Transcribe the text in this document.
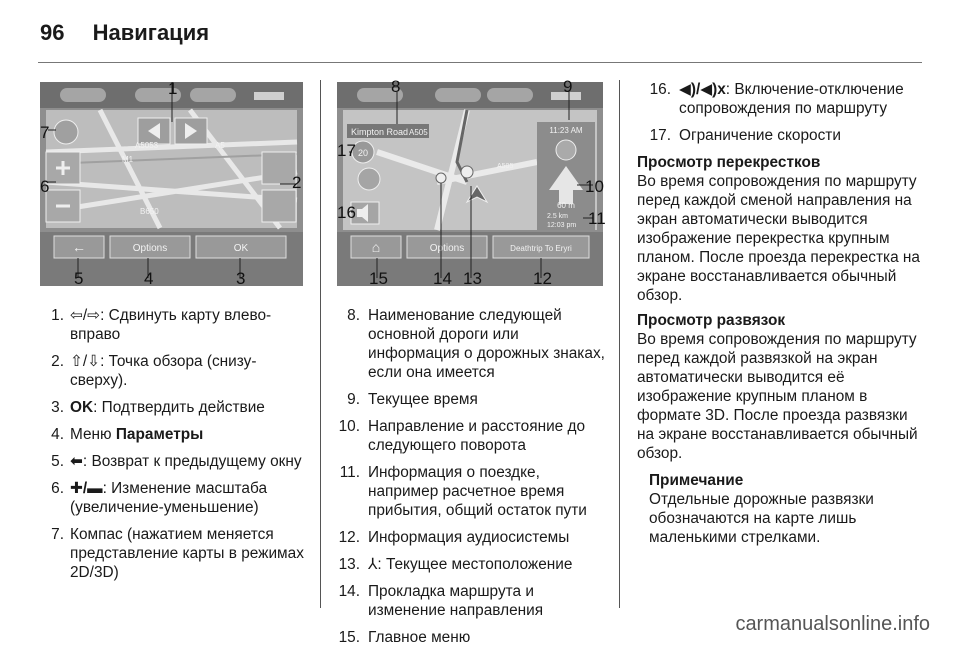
96 Навигация
←	Options	OK
A5053	A5
M1
B650
1
2
3
4
5
6
7	Kimpton Road A505	11:23 AM
60 m
2.5 km
12:03 pm
A505
20
⌂	Options	Deathtrip To Eryri
8	9
10
11
12
13
14
15
16
17
1. ⇦/⇨: Сдвинуть карту влево-вправо
2. ⇧/⇩: Точка обзора (снизу-сверху).
3. OK: Подтвердить действие
4. Меню Параметры
5. ⬅: Возврат к предыдущему окну
6. ✚/▬: Изменение масштаба (увеличение-уменьшение)
7. Компас (нажатием меняется представление карты в режимах 2D/3D)
8. Наименование следующей основной дороги или информация о дорожных знаках, если она имеется
9. Текущее время
10. Направление и расстояние до следующего поворота
11. Информация о поездке, например расчетное время прибытия, общий остаток пути
12. Информация аудиосистемы
13. ⅄: Текущее местоположение
14. Прокладка маршрута и изменение направления
15. Главное меню
16. ◀)/◀)x: Включение-отключение сопровождения по маршруту
17. Ограничение скорости
Просмотр перекрестков

Во время сопровождения по маршруту перед каждой сменой направления на экран автоматически выводится изображение перекрестка крупным планом. После проезда перекрестка на экране восстанавливается обычный обзор.

Просмотр развязок

Во время сопровождения по маршруту перед каждой развязкой на экран автоматически выводится её изображение крупным планом в формате 3D. После проезда развязки на экране восстанавливается обычный обзор.

Примечание
Отдельные дорожные развязки обозначаются на карте лишь маленькими стрелками.
carmanualsonline.info
